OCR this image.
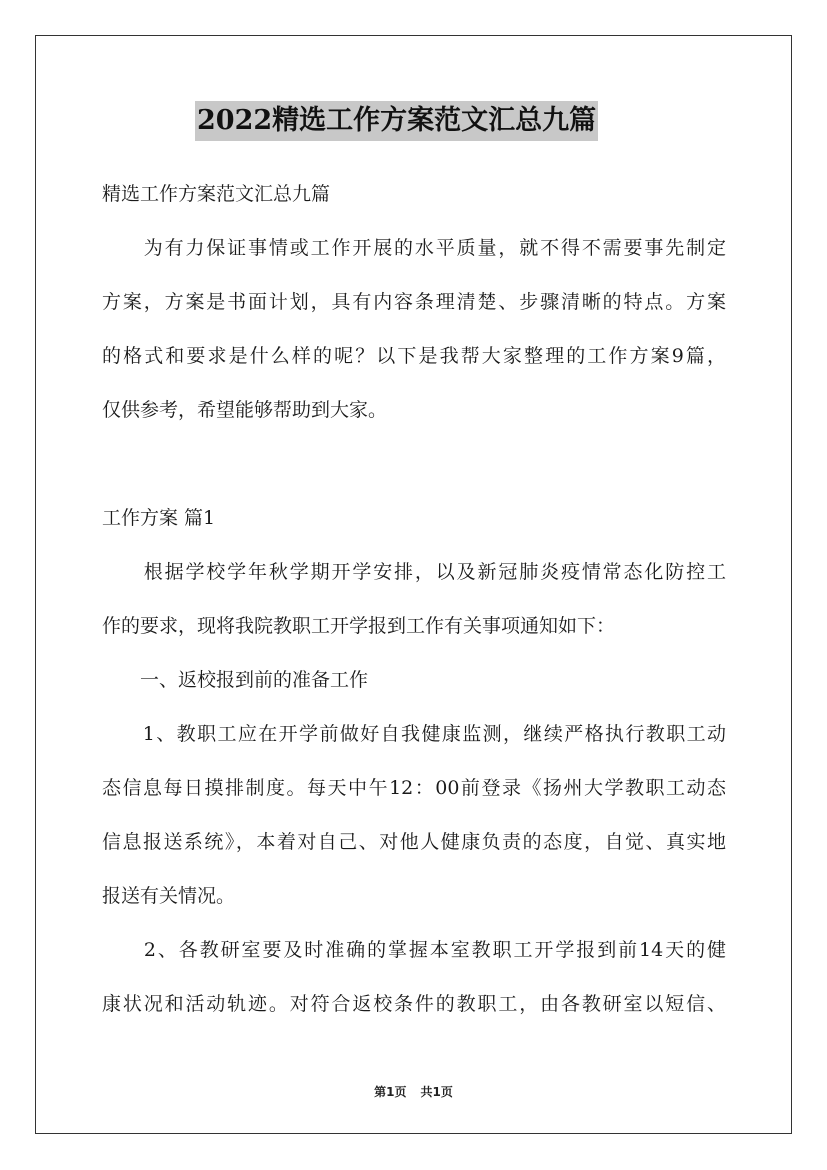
2022精选工作方案范文汇总九篇
精选工作方案范文汇总九篇
　　为有力保证事情或工作开展的水平质量，就不得不需要事先制定
方案，方案是书面计划，具有内容条理清楚、步骤清晰的特点。方案
的格式和要求是什么样的呢？以下是我帮大家整理的工作方案9篇，
仅供参考，希望能够帮助到大家。
工作方案 篇1
　　根据学校学年秋学期开学安排，以及新冠肺炎疫情常态化防控工
作的要求，现将我院教职工开学报到工作有关事项通知如下：
　　一、返校报到前的准备工作
　　1、教职工应在开学前做好自我健康监测，继续严格执行教职工动
态信息每日摸排制度。每天中午12：00前登录《扬州大学教职工动态
信息报送系统》，本着对自己、对他人健康负责的态度，自觉、真实地
报送有关情况。
　　2、各教研室要及时准确的掌握本室教职工开学报到前14天的健
康状况和活动轨迹。对符合返校条件的教职工，由各教研室以短信、
第1页 共1页
